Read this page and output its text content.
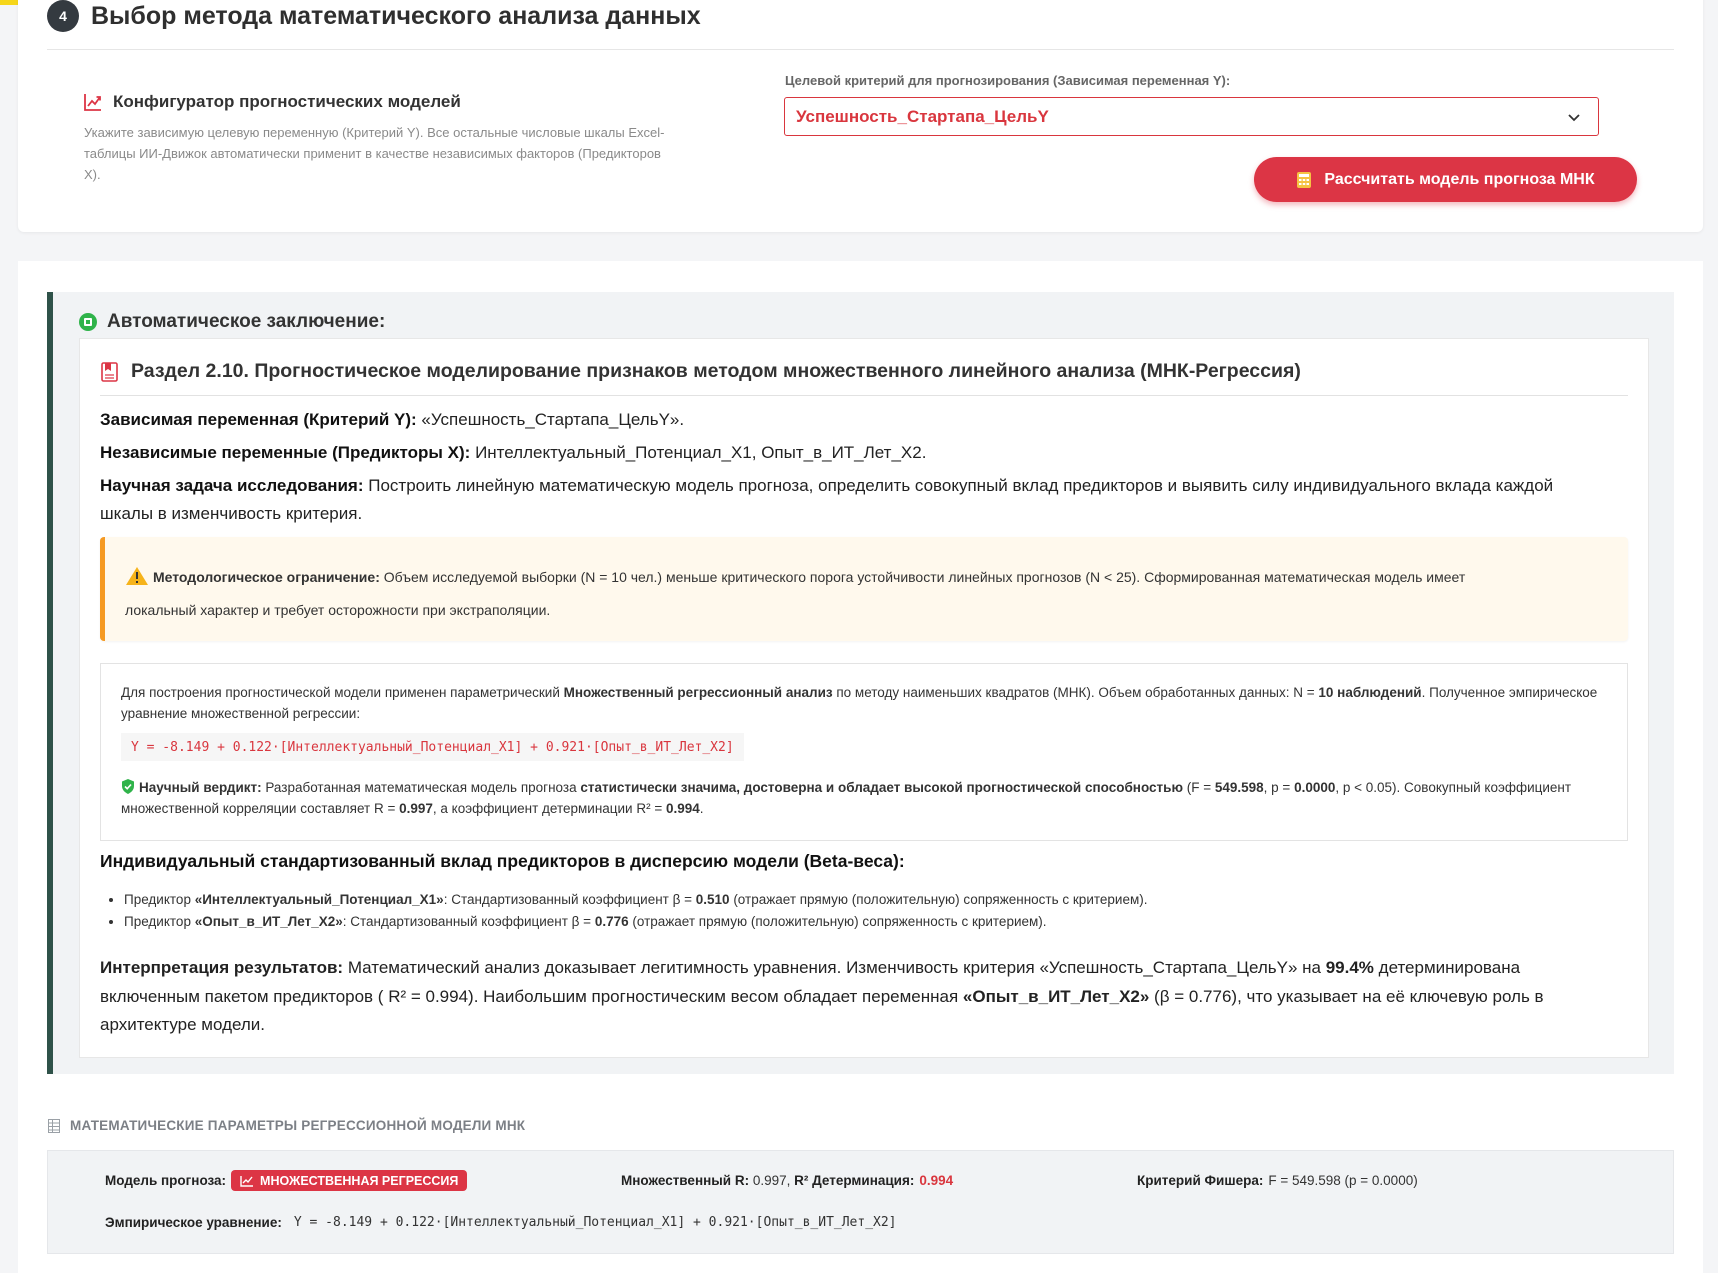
4 Выбор метода математического анализа данных
Конфигуратор прогностических моделей
Укажите зависимую целевую переменную (Критерий Y). Все остальные числовые шкалы Excel-таблицы ИИ-Движок автоматически применит в качестве независимых факторов (Предикторов X).
Целевой критерий для прогнозирования (Зависимая переменная Y):
Успешность_Стартапа_ЦельY
Рассчитать модель прогноза МНК
Автоматическое заключение:
Раздел 2.10. Прогностическое моделирование признаков методом множественного линейного анализа (МНК-Регрессия)
Зависимая переменная (Критерий Y): «Успешность_Стартапа_ЦельY».
Независимые переменные (Предикторы X): Интеллектуальный_Потенциал_X1, Опыт_в_ИТ_Лет_X2.
Научная задача исследования: Построить линейную математическую модель прогноза, определить совокупный вклад предикторов и выявить силу индивидуального вклада каждой
шкалы в изменчивость критерия.
Методологическое ограничение: Объем исследуемой выборки (N = 10 чел.) меньше критического порога устойчивости линейных прогнозов (N < 25). Сформированная математическая модель имеет
локальный характер и требует осторожности при экстраполяции.
Для построения прогностической модели применен параметрический Множественный регрессионный анализ по методу наименьших квадратов (МНК). Объем обработанных данных: N = 10 наблюдений. Полученное эмпирическое уравнение множественной регрессии:
Y = -8.149 + 0.122·[Интеллектуальный_Потенциал_X1] + 0.921·[Опыт_в_ИТ_Лет_X2]
Научный вердикт: Разработанная математическая модель прогноза статистически значима, достоверна и обладает высокой прогностической способностью (F = 549.598, p = 0.0000, p < 0.05). Совокупный коэффициент множественной корреляции составляет R = 0.997, а коэффициент детерминации R² = 0.994.
Индивидуальный стандартизованный вклад предикторов в дисперсию модели (Beta-веса):
• Предиктор «Интеллектуальный_Потенциал_X1»: Стандартизованный коэффициент β = 0.510 (отражает прямую (положительную) сопряженность с критерием).
• Предиктор «Опыт_в_ИТ_Лет_X2»: Стандартизованный коэффициент β = 0.776 (отражает прямую (положительную) сопряженность с критерием).
Интерпретация результатов: Математический анализ доказывает легитимность уравнения. Изменчивость критерия «Успешность_Стартапа_ЦельY» на 99.4% детерминирована включенным пакетом предикторов ( R² = 0.994). Наибольшим прогностическим весом обладает переменная «Опыт_в_ИТ_Лет_X2» (β = 0.776), что указывает на её ключевую роль в архитектуре модели.
МАТЕМАТИЧЕСКИЕ ПАРАМЕТРЫ РЕГРЕССИОННОЙ МОДЕЛИ МНК
Модель прогноза:	МНОЖЕСТВЕННАЯ РЕГРЕССИЯ	Множественный R: 0.997, R² Детерминация: 0.994	Критерий Фишера: F = 549.598 (p = 0.0000)
Эмпирическое уравнение: Y = -8.149 + 0.122·[Интеллектуальный_Потенциал_X1] + 0.921·[Опыт_в_ИТ_Лет_X2]
